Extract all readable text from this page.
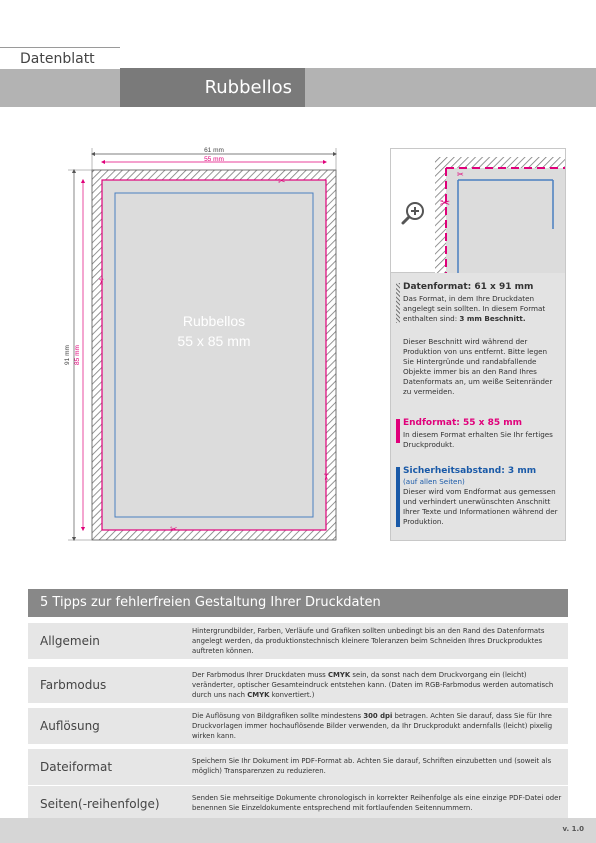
Datenblatt
Rubbellos
61 mm
55 mm
91 mm 85 mm
✂
✂
✂
✂
Rubbellos
55 x 85 mm
✂
✂
Datenformat: 61 x 91 mm
Das Format, in dem Ihre Druckdaten angelegt sein sollten. In diesem Format enthalten sind: 3 mm Beschnitt.
Dieser Beschnitt wird während der Produktion von uns entfernt. Bitte legen Sie Hintergründe und randabfallende Objekte immer bis an den Rand Ihres Datenformats an, um weiße Seitenränder zu vermeiden.
Endformat: 55 x 85 mm
In diesem Format erhalten Sie Ihr fertiges Druckprodukt.
Sicherheitsabstand: 3 mm
(auf allen Seiten)
Dieser wird vom Endformat aus gemessen und verhindert unerwünschten Anschnitt Ihrer Texte und Informationen während der Produktion.
5 Tipps zur fehlerfreien Gestaltung Ihrer Druckdaten
Allgemein
Hintergrundbilder, Farben, Verläufe und Grafiken sollten unbedingt bis an den Rand des Datenformats angelegt werden, da produktionstechnisch kleinere Toleranzen beim Schneiden Ihres Druckproduktes auftreten können.
Farbmodus
Der Farbmodus Ihrer Druckdaten muss CMYK sein, da sonst nach dem Druckvorgang ein (leicht) veränderter, optischer Gesamteindruck entstehen kann. (Daten im RGB-Farbmodus werden automatisch durch uns nach CMYK konvertiert.)
Auflösung
Die Auflösung von Bildgrafiken sollte mindestens 300 dpi betragen. Achten Sie darauf, dass Sie für Ihre Druckvorlagen immer hochauflösende Bilder verwenden, da Ihr Druckprodukt andernfalls (leicht) pixelig wirken kann.
Dateiformat	Speichern Sie Ihr Dokument im PDF-Format ab. Achten Sie darauf, Schriften einzubetten und (soweit als möglich) Transparenzen zu reduzieren.
Seiten(-reihenfolge)	Senden Sie mehrseitige Dokumente chronologisch in korrekter Reihenfolge als eine einzige PDF-Datei oder benennen Sie Einzeldokumente entsprechend mit fortlaufenden Seitennummern.
v. 1.0
